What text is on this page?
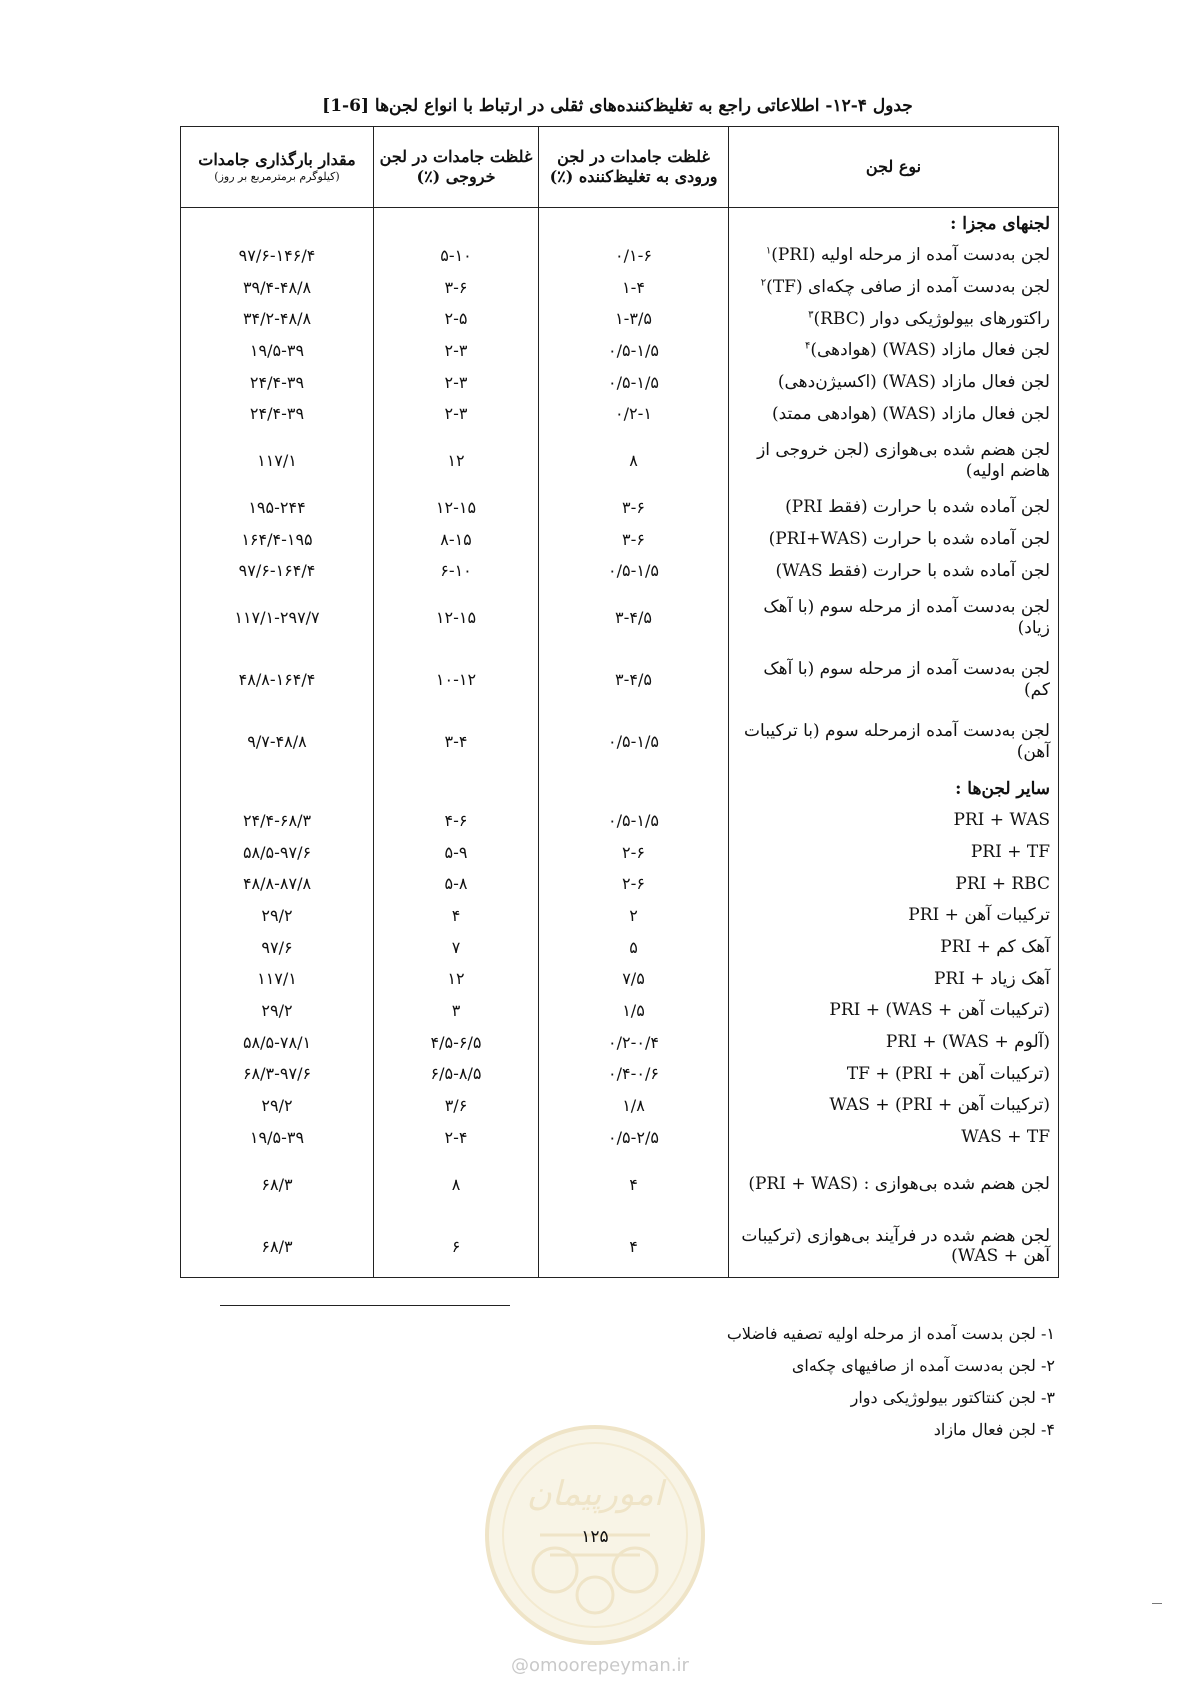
جدول ۴-۱۲- اطلاعاتی راجع به تغلیظ‌کننده‌های ثقلی در ارتباط با انواع لجن‌ها [6-1]
نوع لجن	غلظت جامدات در لجن ورودی به تغلیظ‌کننده (٪)	غلظت جامدات در لجن خروجی (٪)	مقدار بارگذاری جامدات
(کیلوگرم برمترمربع بر روز)

لجنهای مجزا :			
لجن به‌دست آمده از مرحله اولیه (PRI)$^۱$	۰/۱-۶	۵-۱۰	۹۷/۶-۱۴۶/۴
لجن به‌دست آمده از صافی چکه‌ای (TF)$^۲$	۱-۴	۳-۶	۳۹/۴-۴۸/۸
راکتورهای بیولوژیکی دوار (RBC)$^۳$	۱-۳/۵	۲-۵	۳۴/۲-۴۸/۸
لجن فعال مازاد (WAS) (هوادهی)$^۴$	۰/۵-۱/۵	۲-۳	۱۹/۵-۳۹
لجن فعال مازاد (WAS) (اکسیژن‌دهی)	۰/۵-۱/۵	۲-۳	۲۴/۴-۳۹
لجن فعال مازاد (WAS) (هوادهی ممتد)	۰/۲-۱	۲-۳	۲۴/۴-۳۹
لجن هضم شده بی‌هوازی (لجن خروجی از هاضم اولیه)	۸	۱۲	۱۱۷/۱
لجن آماده شده با حرارت (فقط PRI)	۳-۶	۱۲-۱۵	۱۹۵-۲۴۴
لجن آماده شده با حرارت (PRI+WAS)	۳-۶	۸-۱۵	۱۶۴/۴-۱۹۵
لجن آماده شده با حرارت (فقط WAS)	۰/۵-۱/۵	۶-۱۰	۹۷/۶-۱۶۴/۴
لجن به‌دست آمده از مرحله سوم (با آهک زیاد)	۳-۴/۵	۱۲-۱۵	۱۱۷/۱-۲۹۷/۷
لجن به‌دست آمده از مرحله سوم (با آهک کم)	۳-۴/۵	۱۰-۱۲	۴۸/۸-۱۶۴/۴
لجن به‌دست آمده ازمرحله سوم (با ترکیبات آهن)	۰/۵-۱/۵	۳-۴	۹/۷-۴۸/۸
سایر لجن‌ها :			
PRI + WAS	۰/۵-۱/۵	۴-۶	۲۴/۴-۶۸/۳
PRI + TF	۲-۶	۵-۹	۵۸/۵-۹۷/۶
PRI + RBC	۲-۶	۵-۸	۴۸/۸-۸۷/۸
ترکیبات آهن + PRI	۲	۴	۲۹/۲
آهک کم + PRI	۵	۷	۹۷/۶
آهک زیاد + PRI	۷/۵	۱۲	۱۱۷/۱
(ترکیبات آهن + WAS) + PRI	۱/۵	۳	۲۹/۲
(آلوم + WAS) + PRI	۰/۲-۰/۴	۴/۵-۶/۵	۵۸/۵-۷۸/۱
(ترکیبات آهن + PRI) + TF	۰/۴-۰/۶	۶/۵-۸/۵	۶۸/۳-۹۷/۶
(ترکیبات آهن + PRI) + WAS	۱/۸	۳/۶	۲۹/۲
WAS + TF	۰/۵-۲/۵	۲-۴	۱۹/۵-۳۹
لجن هضم شده بی‌هوازی : (PRI + WAS)	۴	۸	۶۸/۳
لجن هضم شده در فرآیند بی‌هوازی (ترکیبات آهن + WAS)	۴	۶	۶۸/۳
۱- لجن بدست آمده از مرحله اولیه تصفیه فاضلاب
۲- لجن به‌دست آمده از صافیهای چکه‌ای
۳- لجن کنتاکتور بیولوژیکی دوار
۴- لجن فعال مازاد
امورپیمان
۱۲۵
@omoorepeyman.ir
